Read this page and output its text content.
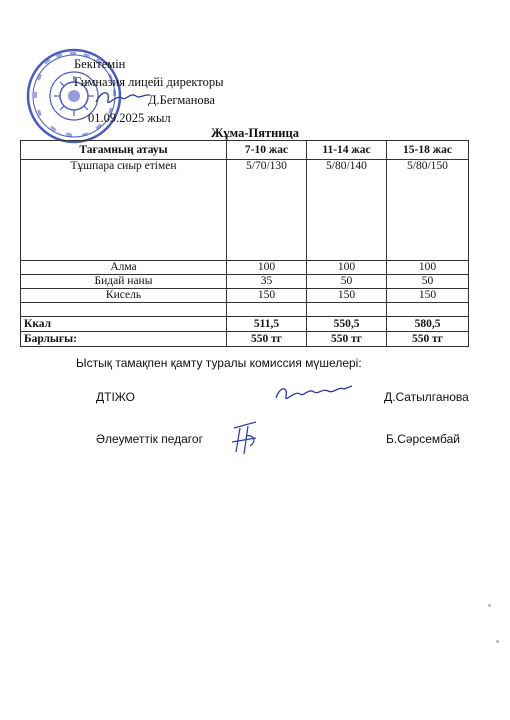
Бекітемін
Гимназия лицейі директоры
Д.Бегманова
01.09.2025 жыл
Жұма-Пятница
Тағамның атауы	7-10 жас	11-14 жас	15-18 жас
Тұшпара сиыр етімен	5/70/130	5/80/140	5/80/150
Алма	100	100	100
Бидай наны	35	50	50
Кисель	150	150	150

Ккал	511,5	550,5	580,5
Барлығы:	550 тг	550 тг	550 тг
Ыстық тамақпен қамту туралы комиссия мүшелері:
ДТІЖО	Д.Сатылганова
Әлеуметтік педагог	Б.Сәрсембай
